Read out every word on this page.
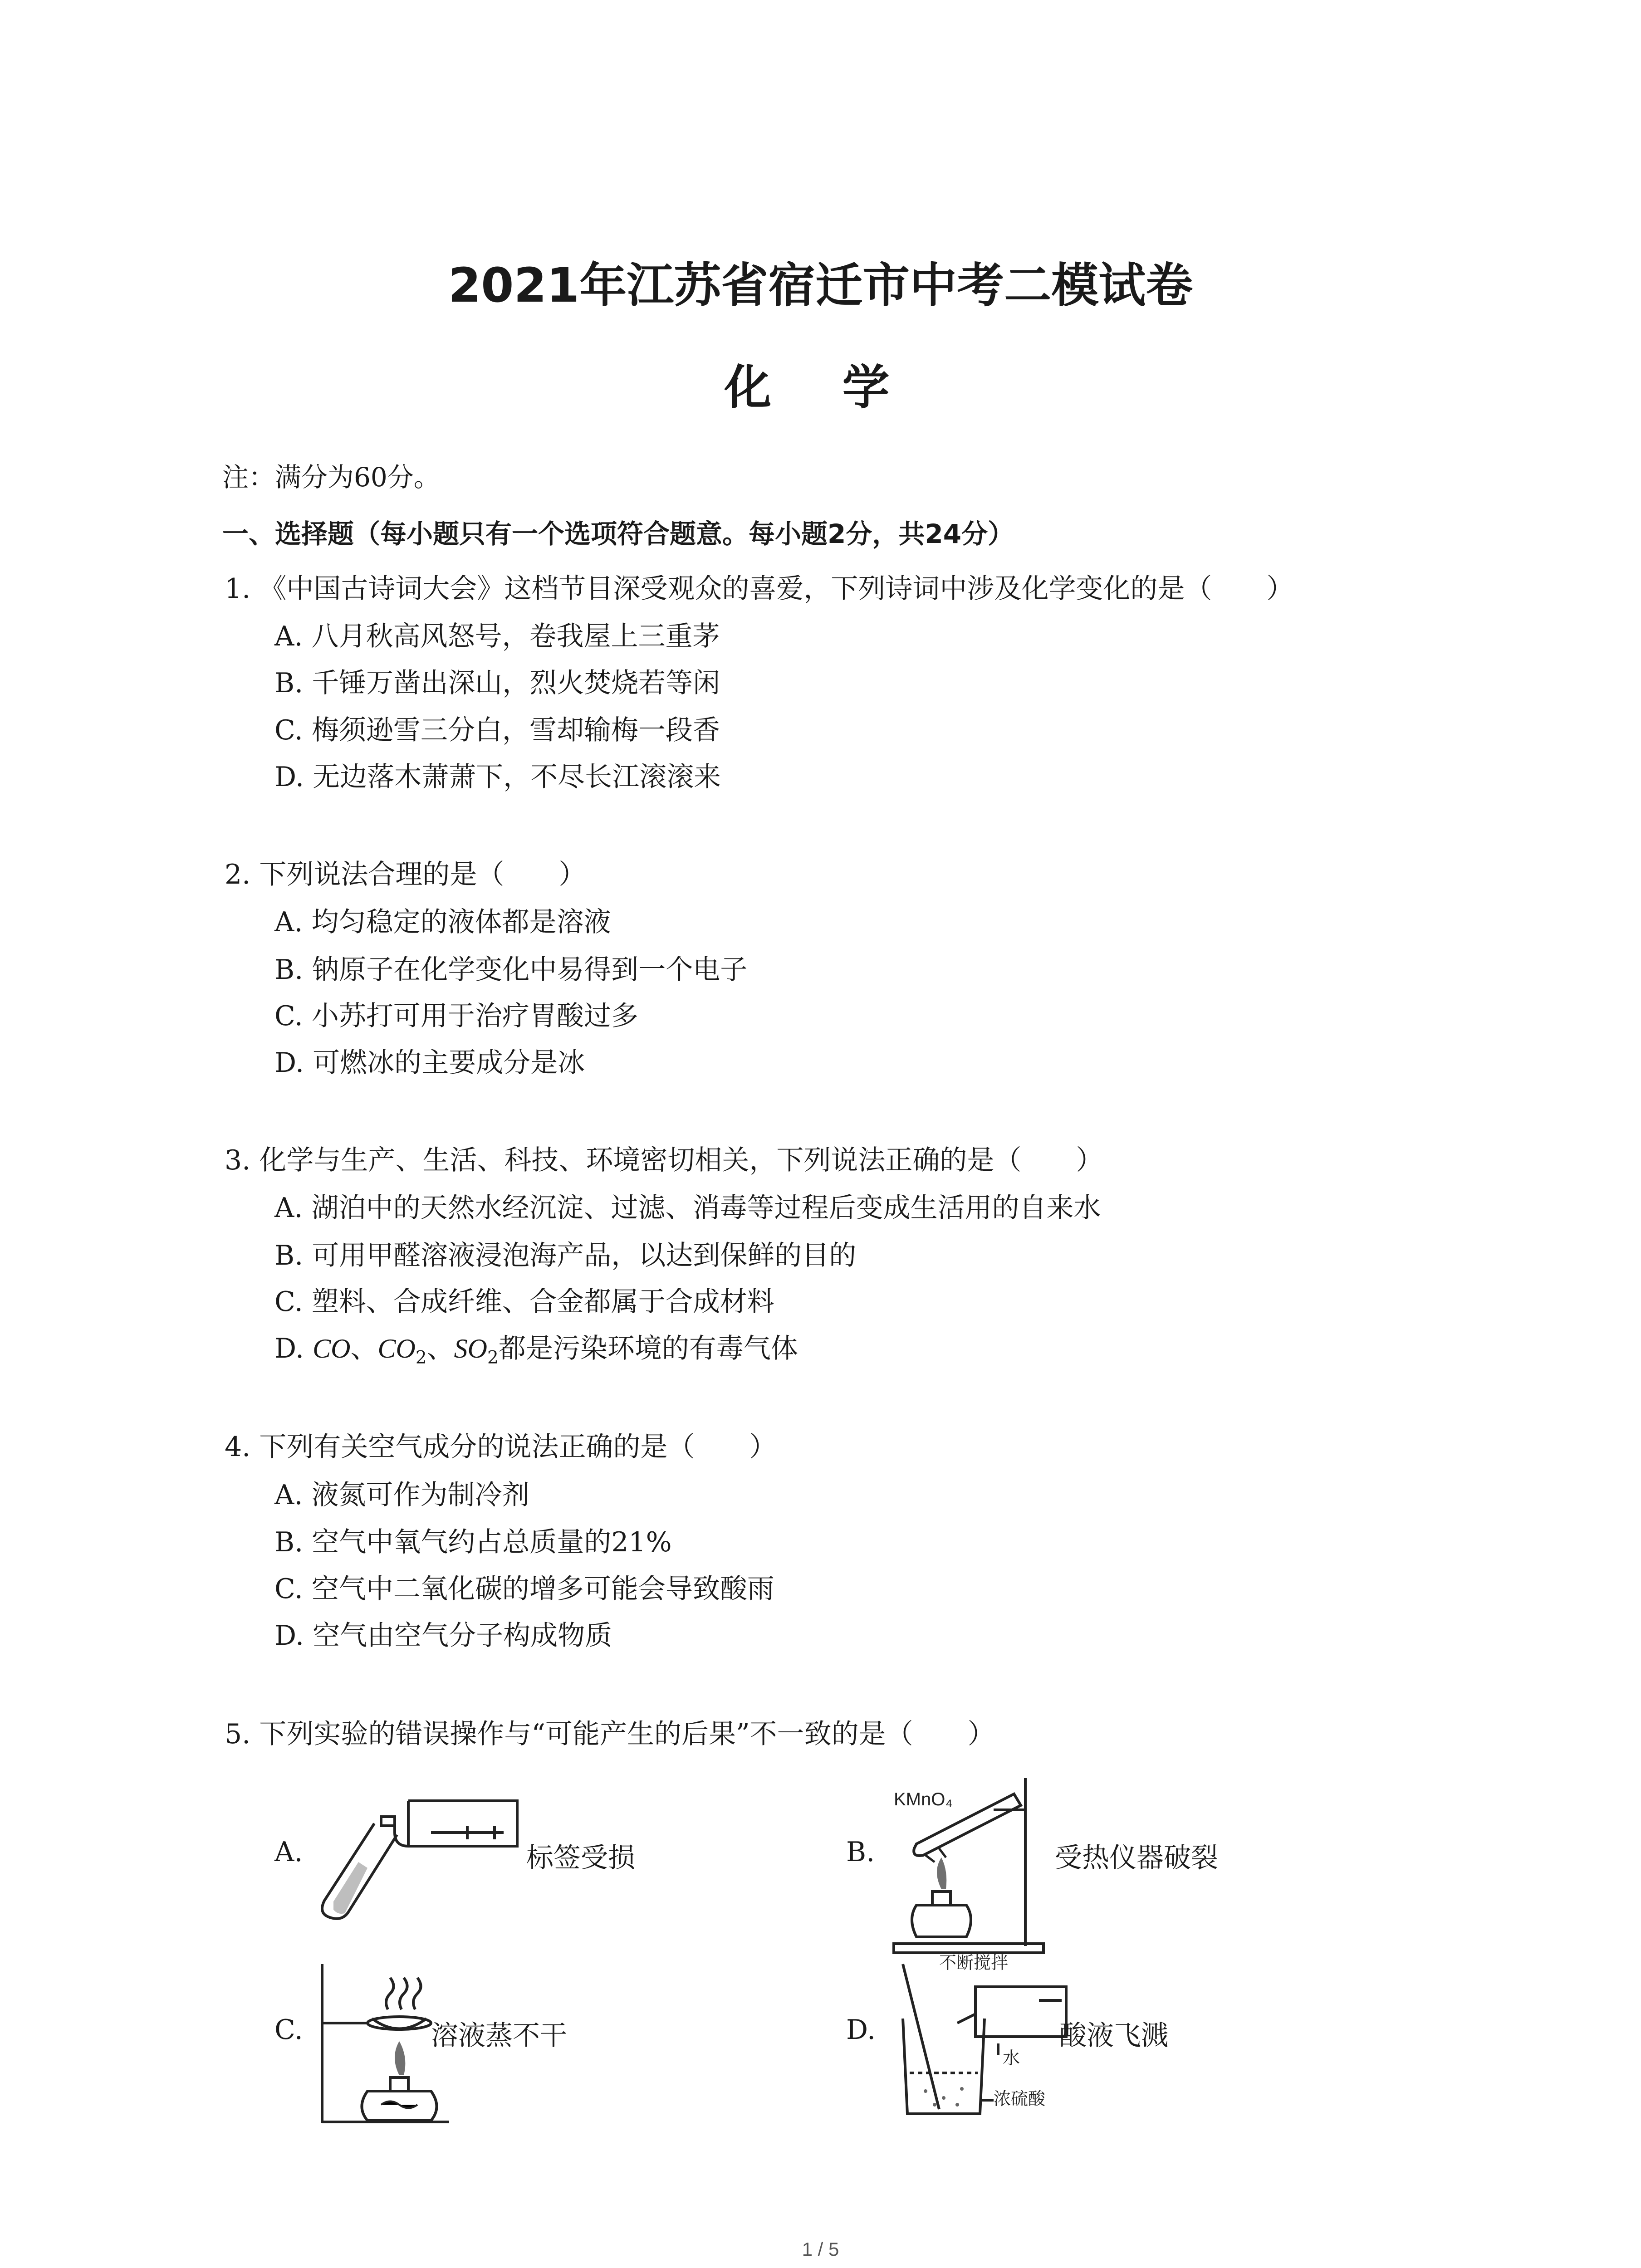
2021年江苏省宿迁市中考二模试卷
化 学
注：满分为60分。
一、选择题（每小题只有一个选项符合题意。每小题2分，共24分）
1. 《中国古诗词大会》这档节目深受观众的喜爱，下列诗词中涉及化学变化的是（　　）
A. 八月秋高风怒号，卷我屋上三重茅
B. 千锤万凿出深山，烈火焚烧若等闲
C. 梅须逊雪三分白，雪却输梅一段香
D. 无边落木萧萧下，不尽长江滚滚来
2. 下列说法合理的是（　　）
A. 均匀稳定的液体都是溶液
B. 钠原子在化学变化中易得到一个电子
C. 小苏打可用于治疗胃酸过多
D. 可燃冰的主要成分是冰
3. 化学与生产、生活、科技、环境密切相关，下列说法正确的是（　　）
A. 湖泊中的天然水经沉淀、过滤、消毒等过程后变成生活用的自来水
B. 可用甲醛溶液浸泡海产品，以达到保鲜的目的
C. 塑料、合成纤维、合金都属于合成材料
D. CO、$CO_2$、$SO_2$都是污染环境的有毒气体
4. 下列有关空气成分的说法正确的是（　　）
A. 液氮可作为制冷剂
B. 空气中氧气约占总质量的21%
C. 空气中二氧化碳的增多可能会导致酸雨
D. 空气由空气分子构成物质
5. 下列实验的错误操作与“可能产生的后果”不一致的是（　　）
A.	标签受损	B.
KMnO₄
受热仪器破裂
C.	溶液蒸不干	D.
不断搅拌
水
浓硫酸
酸液飞溅
1 / 5
